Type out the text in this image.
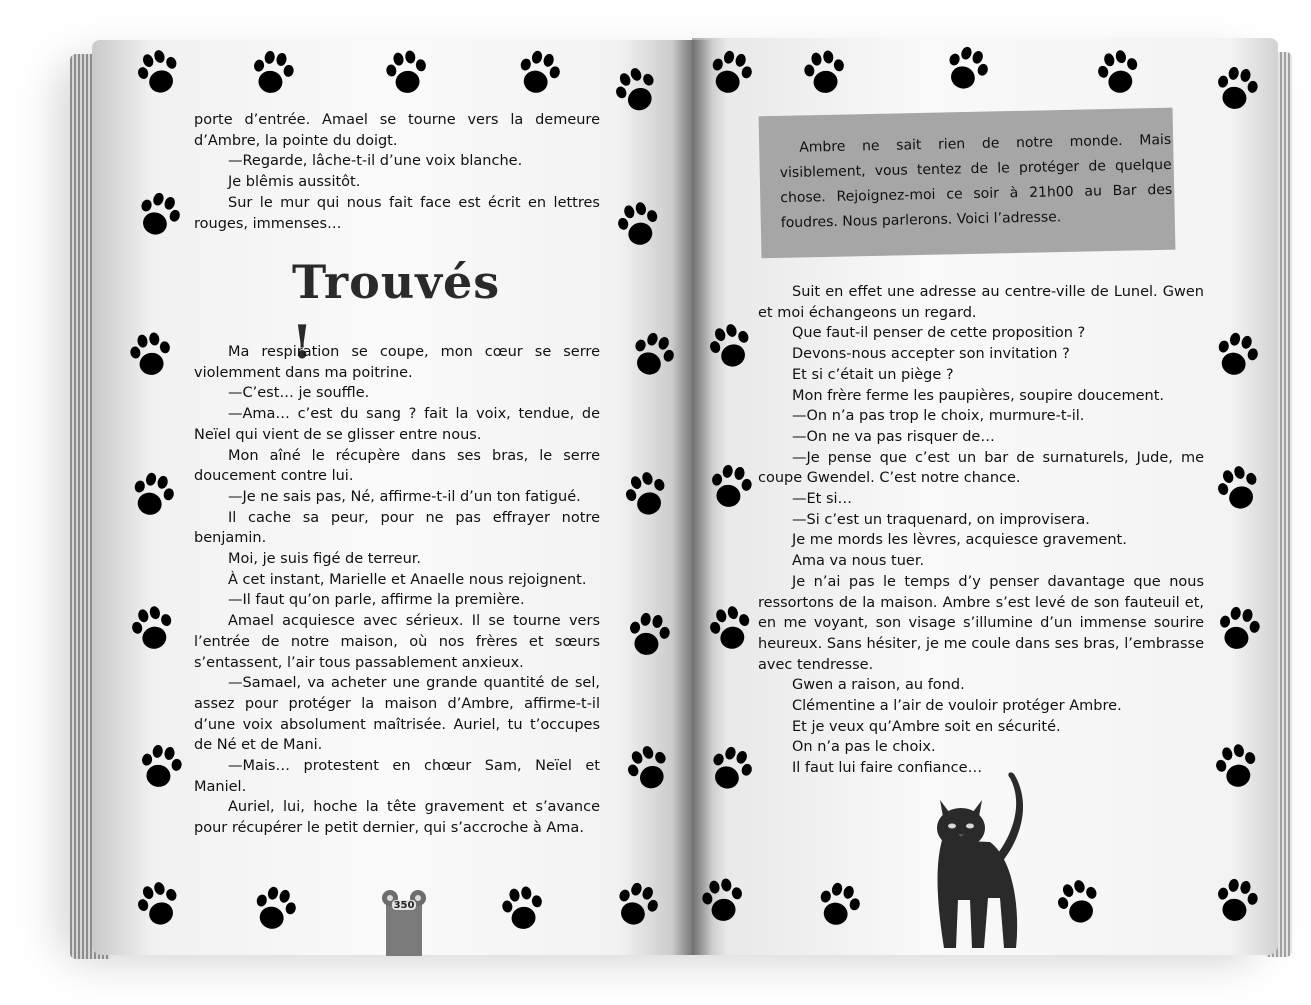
porte d’entrée. Amael se tourne vers la demeure d’Ambre, la pointe du doigt.

—Regarde, lâche-t-il d’une voix blanche.

Je blêmis aussitôt.

Sur le mur qui nous fait face est écrit en lettres rouges, immenses…

Trouvés !

Ma respiration se coupe, mon cœur se serre violemment dans ma poitrine.

—C’est… je souffle.

—Ama… c’est du sang ? fait la voix, tendue, de Neïel qui vient de se glisser entre nous.

Mon aîné le récupère dans ses bras, le serre doucement contre lui.

—Je ne sais pas, Né, affirme-t-il d’un ton fatigué.

Il cache sa peur, pour ne pas effrayer notre benjamin.

Moi, je suis figé de terreur.

À cet instant, Marielle et Anaelle nous rejoignent.

—Il faut qu’on parle, affirme la première.

Amael acquiesce avec sérieux. Il se tourne vers l’entrée de notre maison, où nos frères et sœurs s’entassent, l’air tous passablement anxieux.

—Samael, va acheter une grande quantité de sel, assez pour protéger la maison d’Ambre, affirme-t-il d’une voix absolument maîtrisée. Auriel, tu t’occupes de Né et de Mani.

—Mais… protestent en chœur Sam, Neïel et Maniel.

Auriel, lui, hoche la tête gravement et s’avance pour récupérer le petit dernier, qui s’accroche à Ama.

350
Ambre ne sait rien de notre monde. Mais visiblement, vous tentez de le protéger de quelque chose. Rejoignez-moi ce soir à 21h00 au Bar des foudres. Nous parlerons. Voici l’adresse.

Suit en effet une adresse au centre-ville de Lunel. Gwen et moi échangeons un regard.

Que faut-il penser de cette proposition ?

Devons-nous accepter son invitation ?

Et si c’était un piège ?

Mon frère ferme les paupières, soupire doucement.

—On n’a pas trop le choix, murmure-t-il.

—On ne va pas risquer de…

—Je pense que c’est un bar de surnaturels, Jude, me coupe Gwendel. C’est notre chance.

—Et si…

—Si c’est un traquenard, on improvisera.

Je me mords les lèvres, acquiesce gravement.

Ama va nous tuer.

Je n’ai pas le temps d’y penser davantage que nous ressortons de la maison. Ambre s’est levé de son fauteuil et, en me voyant, son visage s’illumine d’un immense sourire heureux. Sans hésiter, je me coule dans ses bras, l’embrasse avec tendresse.

Gwen a raison, au fond.

Clémentine a l’air de vouloir protéger Ambre.

Et je veux qu’Ambre soit en sécurité.

On n’a pas le choix.

Il faut lui faire confiance…
